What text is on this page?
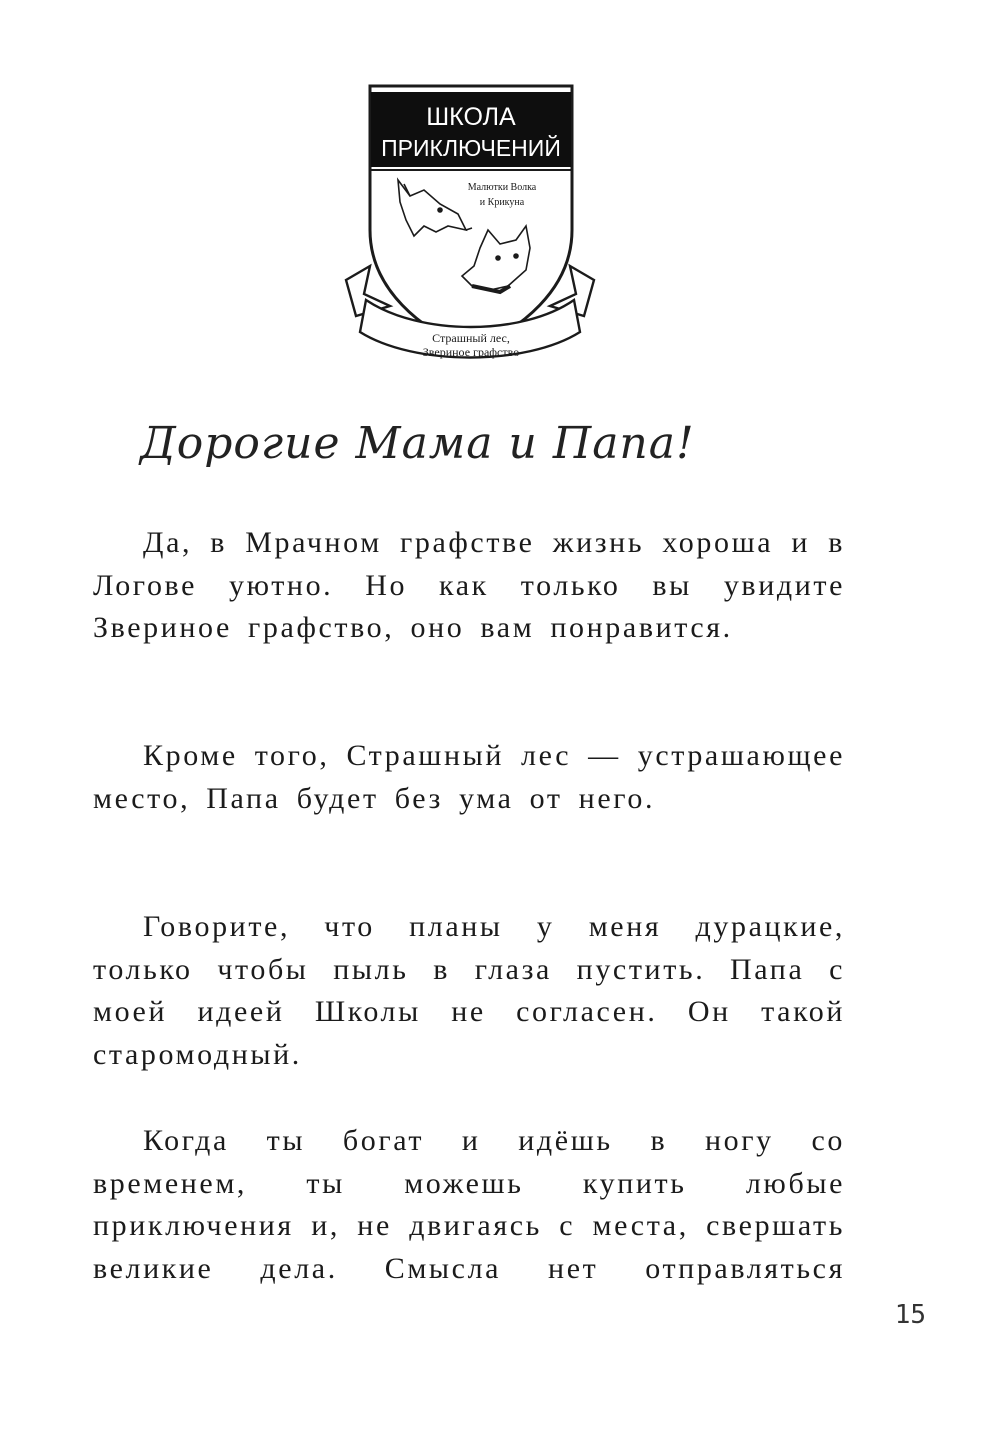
ШКОЛА
ПРИКЛЮЧЕНИЙ
Малютки Волка
и Крикуна
Страшный лес,
Звериное графство
Дорогие Мама и Папа!
Да, в Мрачном графстве жизнь хорошa и в Логове уютно. Но как только вы увидите Звериное графство, оно вам понравится.
Кроме того, Страшный лес — устрашающее место, Папа будет без ума от него.
Говорите, что планы у меня дурацкие, только чтобы пыль в глаза пустить. Папа с моей идеей Школы не согласен. Он такой старомодный.
Когда ты богат и идёшь в ногу со временем, ты можешь купить любые приключения и, не двигаясь с места, свершать великие дела. Смысла нет отправляться
15
